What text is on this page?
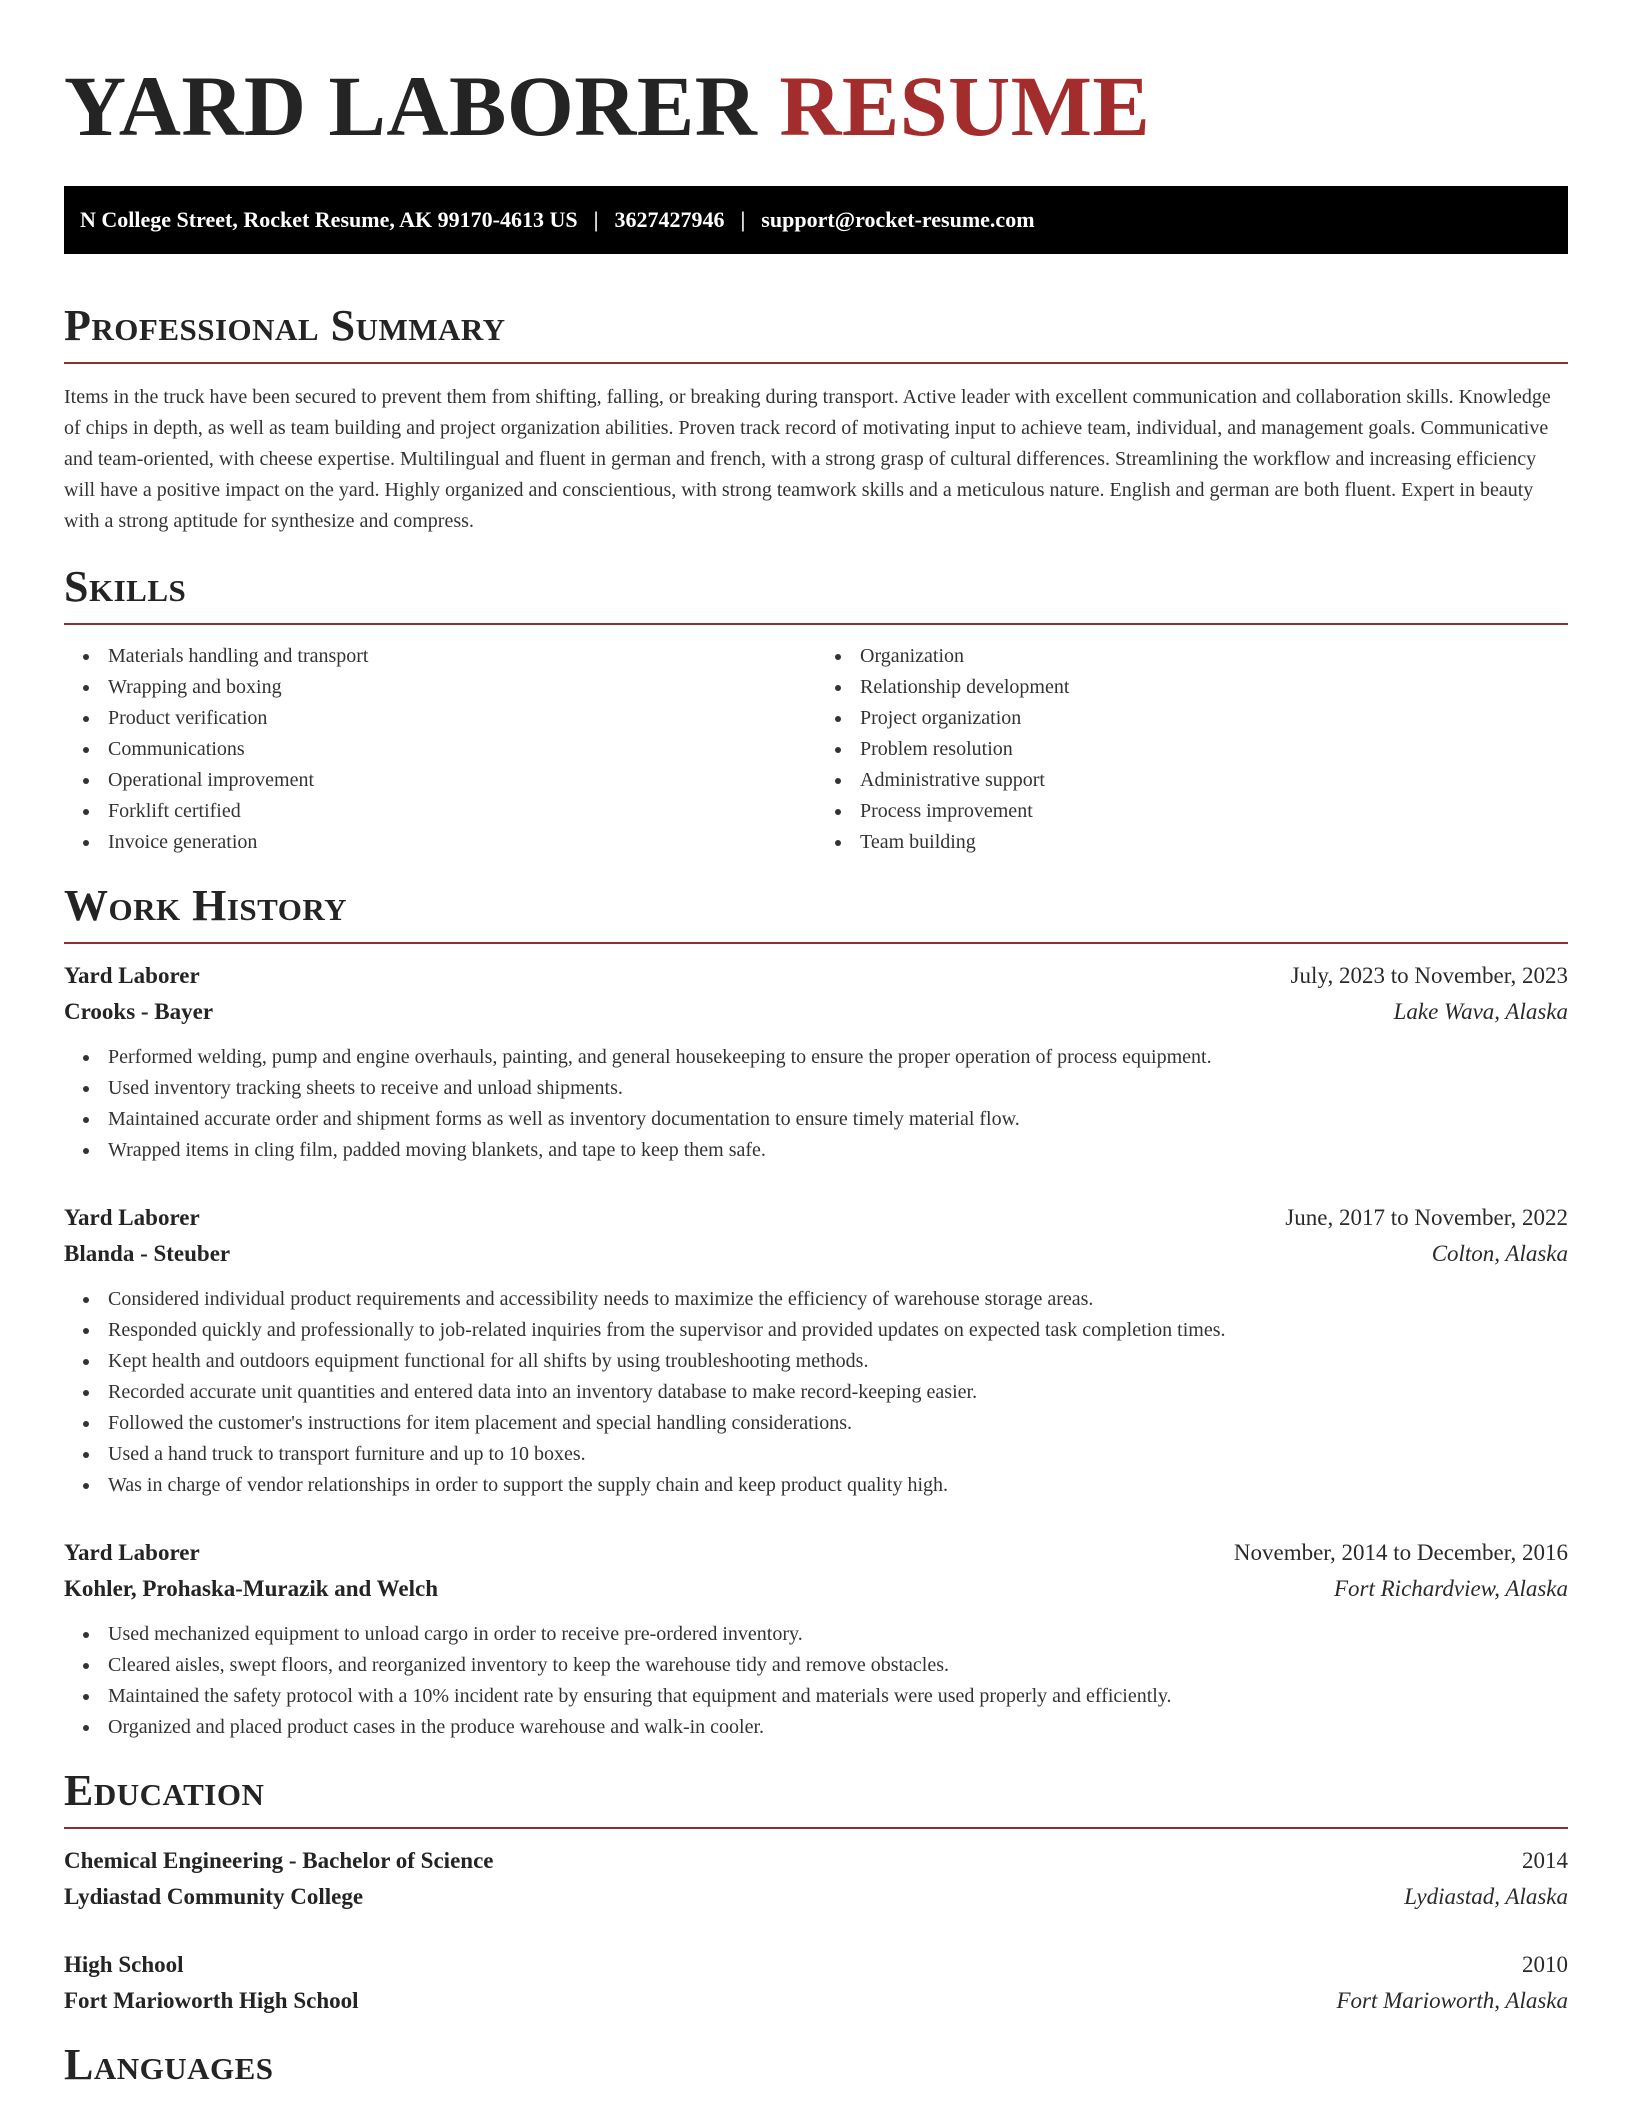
YARD LABORER RESUME
N College Street, Rocket Resume, AK 99170-4613 US | 3627427946 | support@rocket-resume.com
Professional Summary

Items in the truck have been secured to prevent them from shifting, falling, or breaking during transport. Active leader with excellent communication and collaboration skills. Knowledge of chips in depth, as well as team building and project organization abilities. Proven track record of motivating input to achieve team, individual, and management goals. Communicative and team-oriented, with cheese expertise. Multilingual and fluent in german and french, with a strong grasp of cultural differences. Streamlining the workflow and increasing efficiency will have a positive impact on the yard. Highly organized and conscientious, with strong teamwork skills and a meticulous nature. English and german are both fluent. Expert in beauty with a strong aptitude for synthesize and compress.

Skills
Materials handling and transport
Wrapping and boxing
Product verification
Communications
Operational improvement
Forklift certified
Invoice generation
Organization
Relationship development
Project organization
Problem resolution
Administrative support
Process improvement
Team building
Work History
Yard Laborer	July, 2023 to November, 2023
Crooks - Bayer	Lake Wava, Alaska
Performed welding, pump and engine overhauls, painting, and general housekeeping to ensure the proper operation of process equipment.
Used inventory tracking sheets to receive and unload shipments.
Maintained accurate order and shipment forms as well as inventory documentation to ensure timely material flow.
Wrapped items in cling film, padded moving blankets, and tape to keep them safe.
Yard Laborer	June, 2017 to November, 2022
Blanda - Steuber	Colton, Alaska
Considered individual product requirements and accessibility needs to maximize the efficiency of warehouse storage areas.
Responded quickly and professionally to job-related inquiries from the supervisor and provided updates on expected task completion times.
Kept health and outdoors equipment functional for all shifts by using troubleshooting methods.
Recorded accurate unit quantities and entered data into an inventory database to make record-keeping easier.
Followed the customer's instructions for item placement and special handling considerations.
Used a hand truck to transport furniture and up to 10 boxes.
Was in charge of vendor relationships in order to support the supply chain and keep product quality high.
Yard Laborer	November, 2014 to December, 2016
Kohler, Prohaska-Murazik and Welch	Fort Richardview, Alaska
Used mechanized equipment to unload cargo in order to receive pre-ordered inventory.
Cleared aisles, swept floors, and reorganized inventory to keep the warehouse tidy and remove obstacles.
Maintained the safety protocol with a 10% incident rate by ensuring that equipment and materials were used properly and efficiently.
Organized and placed product cases in the produce warehouse and walk-in cooler.
Education
Chemical Engineering - Bachelor of Science	2014
Lydiastad Community College	Lydiastad, Alaska
High School	2010
Fort Marioworth High School	Fort Marioworth, Alaska
Languages
